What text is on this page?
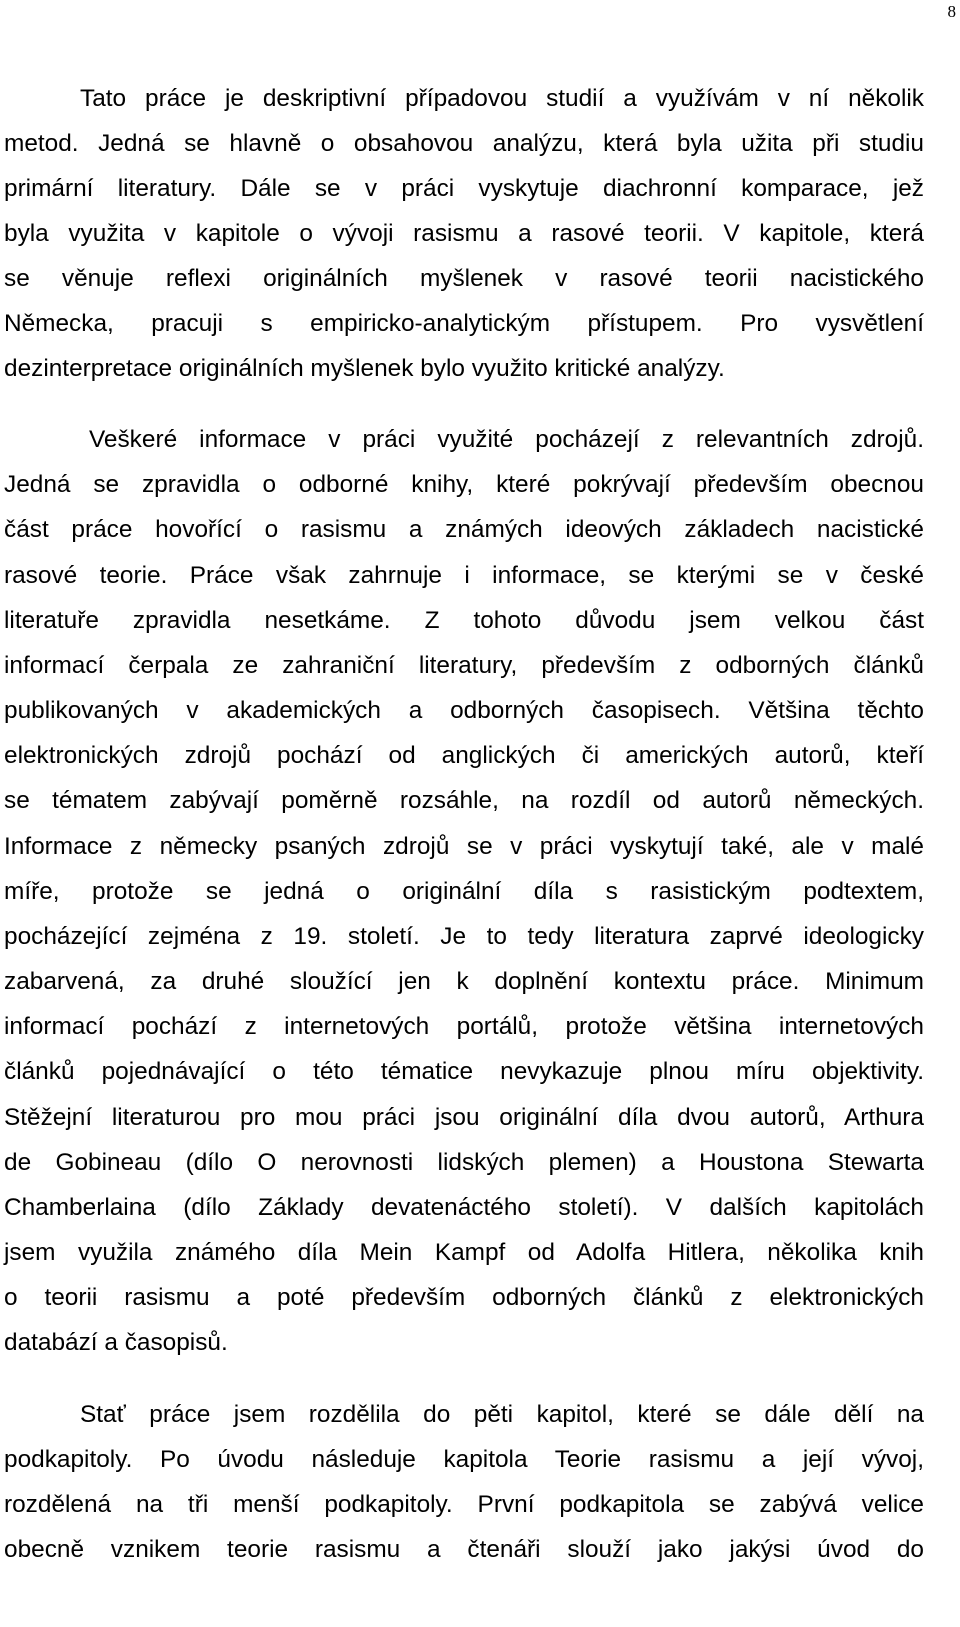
8
Tato práce je deskriptivní případovou studií a využívám v ní několik
metod. Jedná se hlavně o obsahovou analýzu, která byla užita při studiu
primární literatury. Dále se v práci vyskytuje diachronní komparace, jež
byla využita v kapitole o vývoji rasismu a rasové teorii. V kapitole, která
se věnuje reflexi originálních myšlenek v rasové teorii nacistického
Německa, pracuji s empiricko-analytickým přístupem. Pro vysvětlení
dezinterpretace originálních myšlenek bylo využito kritické analýzy.
Veškeré informace v práci využité pocházejí z relevantních zdrojů.
Jedná se zpravidla o odborné knihy, které pokrývají především obecnou
část práce hovořící o rasismu a známých ideových základech nacistické
rasové teorie. Práce však zahrnuje i informace, se kterými se v české
literatuře zpravidla nesetkáme. Z tohoto důvodu jsem velkou část
informací čerpala ze zahraniční literatury, především z odborných článků
publikovaných v akademických a odborných časopisech. Většina těchto
elektronických zdrojů pochází od anglických či amerických autorů, kteří
se tématem zabývají poměrně rozsáhle, na rozdíl od autorů německých.
Informace z německy psaných zdrojů se v práci vyskytují také, ale v malé
míře, protože se jedná o originální díla s rasistickým podtextem,
pocházející zejména z 19. století. Je to tedy literatura zaprvé ideologicky
zabarvená, za druhé sloužící jen k doplnění kontextu práce. Minimum
informací pochází z internetových portálů, protože většina internetových
článků pojednávající o této tématice nevykazuje plnou míru objektivity.
Stěžejní literaturou pro mou práci jsou originální díla dvou autorů, Arthura
de Gobineau (dílo O nerovnosti lidských plemen) a Houstona Stewarta
Chamberlaina (dílo Základy devatenáctého století). V dalších kapitolách
jsem využila známého díla Mein Kampf od Adolfa Hitlera, několika knih
o teorii rasismu a poté především odborných článků z elektronických
databází a časopisů.
Stať práce jsem rozdělila do pěti kapitol, které se dále dělí na
podkapitoly. Po úvodu následuje kapitola Teorie rasismu a její vývoj,
rozdělená na tři menší podkapitoly. První podkapitola se zabývá velice
obecně vznikem teorie rasismu a čtenáři slouží jako jakýsi úvod do
